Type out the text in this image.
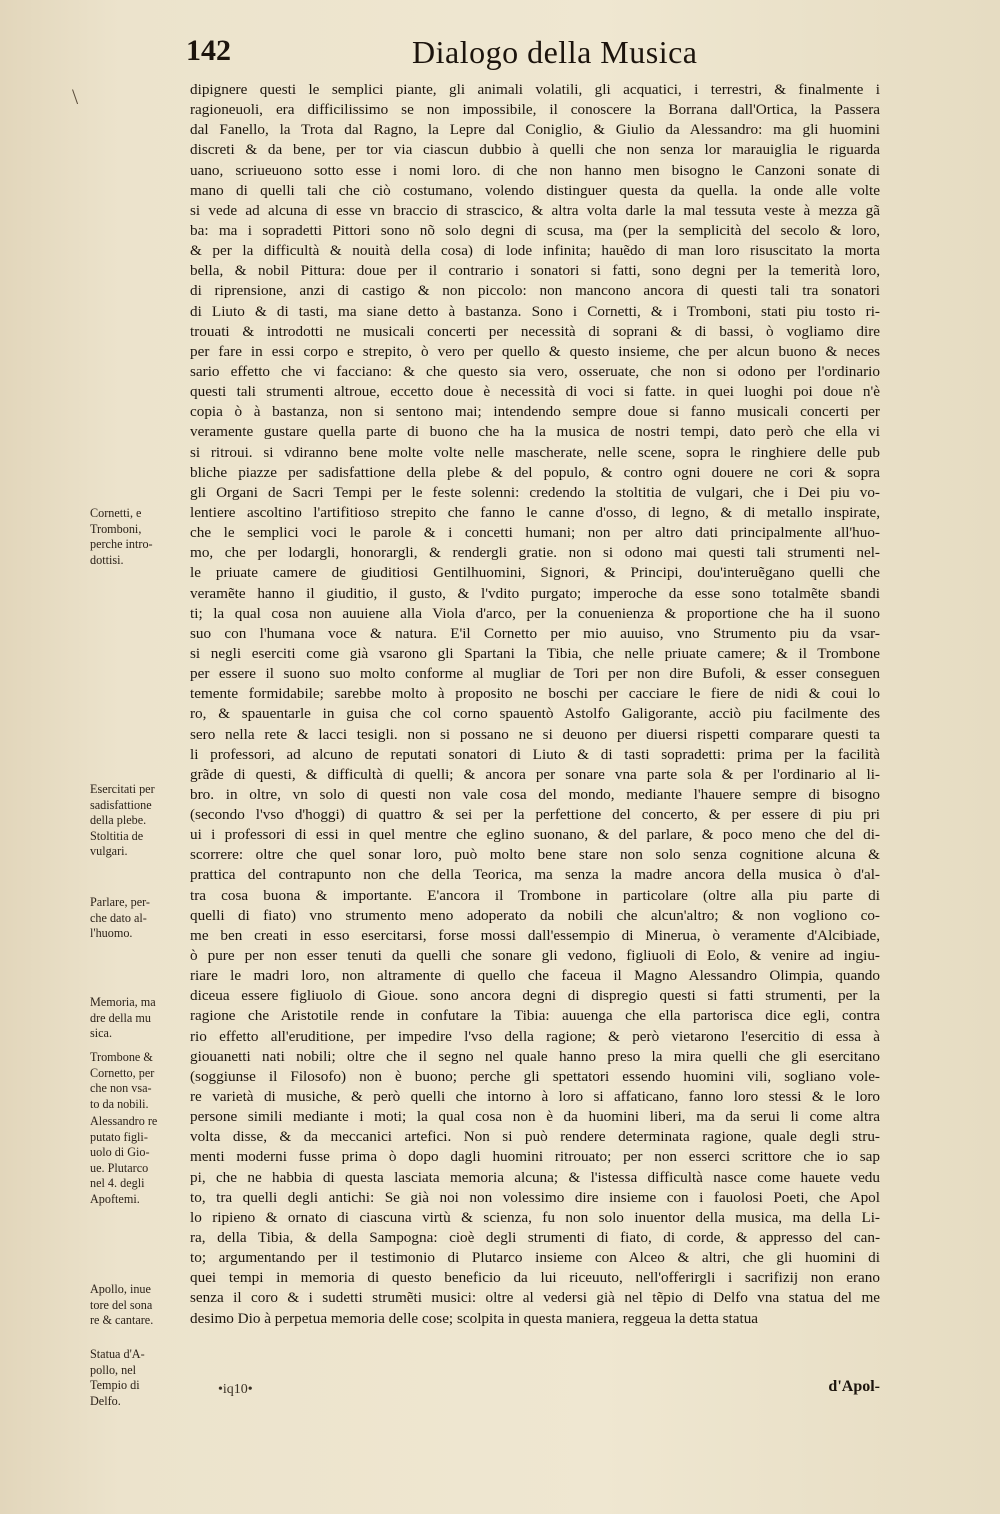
\
142	Dialogo della Musica
dipignere questi le semplici piante, gli animali volatili, gli acquatici, i terrestri, & finalmente i
ragioneuoli, era difficilissimo se non impossibile, il conoscere la Borrana dall'Ortica, la Passera
dal Fanello, la Trota dal Ragno, la Lepre dal Coniglio, & Giulio da Alessandro: ma gli huomini
discreti & da bene, per tor via ciascun dubbio à quelli che non senza lor marauiglia le riguarda
uano, scriueuono sotto esse i nomi loro. di che non hanno men bisogno le Canzoni sonate di
mano di quelli tali che ciò costumano, volendo distinguer questa da quella. la onde alle volte
si vede ad alcuna di esse vn braccio di strascico, & altra volta darle la mal tessuta veste à mezza gã
ba: ma i sopradetti Pittori sono nõ solo degni di scusa, ma (per la semplicità del secolo & loro,
& per la difficultà & nouità della cosa) di lode infinita; hauẽdo di man loro risuscitato la morta
bella, & nobil Pittura: doue per il contrario i sonatori si fatti, sono degni per la temerità loro,
di riprensione, anzi di castigo & non piccolo: non mancono ancora di questi tali tra sonatori
di Liuto & di tasti, ma siane detto à bastanza. Sono i Cornetti, & i Tromboni, stati piu tosto ri-
trouati & introdotti ne musicali concerti per necessità di soprani & di bassi, ò vogliamo dire
per fare in essi corpo e strepito, ò vero per quello & questo insieme, che per alcun buono & neces
sario effetto che vi facciano: & che questo sia vero, osseruate, che non si odono per l'ordinario
questi tali strumenti altroue, eccetto doue è necessità di voci si fatte. in quei luoghi poi doue n'è
copia ò à bastanza, non si sentono mai; intendendo sempre doue si fanno musicali concerti per
veramente gustare quella parte di buono che ha la musica de nostri tempi, dato però che ella vi
si ritroui. si vdiranno bene molte volte nelle mascherate, nelle scene, sopra le ringhiere delle pub
bliche piazze per sadisfattione della plebe & del populo, & contro ogni douere ne cori & sopra
gli Organi de Sacri Tempi per le feste solenni: credendo la stoltitia de vulgari, che i Dei piu vo-
lentiere ascoltino l'artifitioso strepito che fanno le canne d'osso, di legno, & di metallo inspirate,
che le semplici voci le parole & i concetti humani; non per altro dati principalmente all'huo-
mo, che per lodargli, honorargli, & rendergli gratie. non si odono mai questi tali strumenti nel-
le priuate camere de giuditiosi Gentilhuomini, Signori, & Principi, dou'interuẽgano quelli che
veramẽte hanno il giuditio, il gusto, & l'vdito purgato; imperoche da esse sono totalmẽte sbandi
ti; la qual cosa non auuiene alla Viola d'arco, per la conuenienza & proportione che ha il suono
suo con l'humana voce & natura. E'il Cornetto per mio auuiso, vno Strumento piu da vsar-
si negli eserciti come già vsarono gli Spartani la Tibia, che nelle priuate camere; & il Trombone
per essere il suono suo molto conforme al mugliar de Tori per non dire Bufoli, & esser conseguen
temente formidabile; sarebbe molto à proposito ne boschi per cacciare le fiere de nidi & coui lo
ro, & spauentarle in guisa che col corno spauentò Astolfo Galigorante, acciò piu facilmente des
sero nella rete & lacci tesigli. non si possano ne si deuono per diuersi rispetti comparare questi ta
li professori, ad alcuno de reputati sonatori di Liuto & di tasti sopradetti: prima per la facilità
grãde di questi, & difficultà di quelli; & ancora per sonare vna parte sola & per l'ordinario al li-
bro. in oltre, vn solo di questi non vale cosa del mondo, mediante l'hauere sempre di bisogno
(secondo l'vso d'hoggi) di quattro & sei per la perfettione del concerto, & per essere di piu pri
ui i professori di essi in quel mentre che eglino suonano, & del parlare, & poco meno che del di-
scorrere: oltre che quel sonar loro, può molto bene stare non solo senza cognitione alcuna &
prattica del contrapunto non che della Teorica, ma senza la madre ancora della musica ò d'al-
tra cosa buona & importante. E'ancora il Trombone in particolare (oltre alla piu parte di
quelli di fiato) vno strumento meno adoperato da nobili che alcun'altro; & non vogliono co-
me ben creati in esso esercitarsi, forse mossi dall'essempio di Minerua, ò veramente d'Alcibiade,
ò pure per non esser tenuti da quelli che sonare gli vedono, figliuoli di Eolo, & venire ad ingiu-
riare le madri loro, non altramente di quello che faceua il Magno Alessandro Olimpia, quando
diceua essere figliuolo di Gioue. sono ancora degni di dispregio questi si fatti strumenti, per la
ragione che Aristotile rende in confutare la Tibia: auuenga che ella partorisca dice egli, contra
rio effetto all'eruditione, per impedire l'vso della ragione; & però vietarono l'esercitio di essa à
giouanetti nati nobili; oltre che il segno nel quale hanno preso la mira quelli che gli esercitano
(soggiunse il Filosofo) non è buono; perche gli spettatori essendo huomini vili, sogliano vole-
re varietà di musiche, & però quelli che intorno à loro si affaticano, fanno loro stessi & le loro
persone simili mediante i moti; la qual cosa non è da huomini liberi, ma da serui li come altra
volta disse, & da meccanici artefici. Non si può rendere determinata ragione, quale degli stru-
menti moderni fusse prima ò dopo dagli huomini ritrouato; per non esserci scrittore che io sap
pi, che ne habbia di questa lasciata memoria alcuna; & l'istessa difficultà nasce come hauete vedu
to, tra quelli degli antichi: Se già noi non volessimo dire insieme con i fauolosi Poeti, che Apol
lo ripieno & ornato di ciascuna virtù & scienza, fu non solo inuentor della musica, ma della Li-
ra, della Tibia, & della Sampogna: cioè degli strumenti di fiato, di corde, & appresso del can-
to; argumentando per il testimonio di Plutarco insieme con Alceo & altri, che gli huomini di
quei tempi in memoria di questo beneficio da lui riceuuto, nell'offerirgli i sacrifizij non erano
senza il coro & i sudetti strumẽti musici: oltre al vedersi già nel tẽpio di Delfo vna statua del me
desimo Dio à perpetua memoria delle cose; scolpita in questa maniera, reggeua la detta statua
Cornetti, e
Tromboni,
perche intro-
dottisi.
Esercitati per
sadisfattione
della plebe.
Stoltitia de
vulgari.
Parlare, per-
che dato al-
l'huomo.
Memoria, ma
dre della mu
sica.
Trombone &
Cornetto, per
che non vsa-
to da nobili.
Alessandro re
putato figli-
uolo di Gio-
ue. Plutarco
nel 4. degli
Apoftemi.
Apollo, inue
tore del sona
re & cantare.
Statua d'A-
pollo, nel
Tempio di
Delfo.
•iq10•	d'Apol-
